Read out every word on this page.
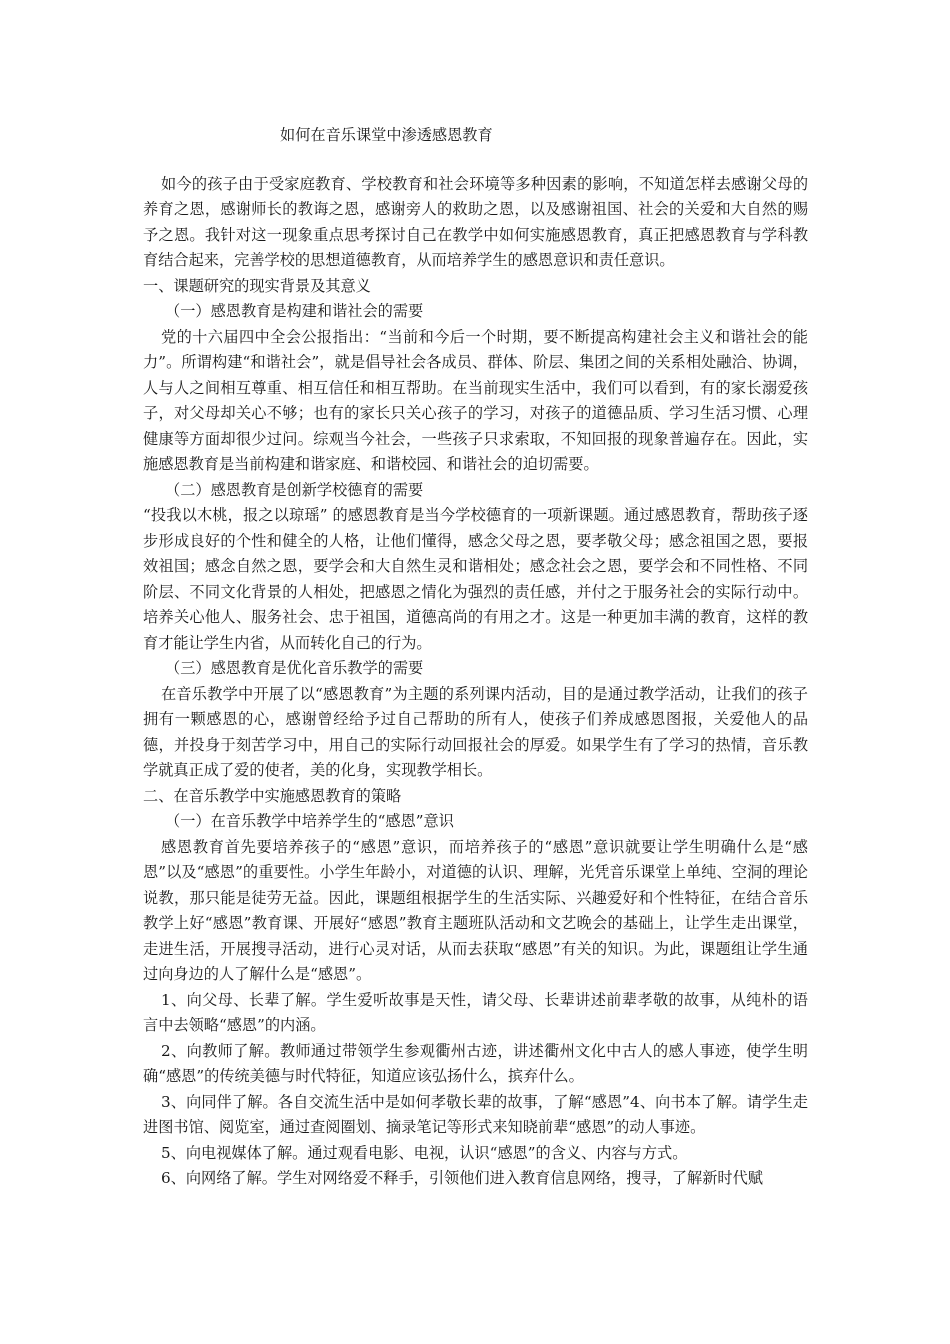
如何在音乐课堂中渗透感恩教育

如今的孩子由于受家庭教育、学校教育和社会环境等多种因素的影响，不知道怎样去感谢父母的养育之恩，感谢师长的教诲之恩，感谢旁人的救助之恩，以及感谢祖国、社会的关爱和大自然的赐予之恩。我针对这一现象重点思考探讨自己在教学中如何实施感恩教育，真正把感恩教育与学科教育结合起来，完善学校的思想道德教育，从而培养学生的感恩意识和责任意识。

一、课题研究的现实背景及其意义

（一）感恩教育是构建和谐社会的需要

党的十六届四中全会公报指出：“当前和今后一个时期，要不断提高构建社会主义和谐社会的能力”。所谓构建“和谐社会”，就是倡导社会各成员、群体、阶层、集团之间的关系相处融洽、协调，人与人之间相互尊重、相互信任和相互帮助。在当前现实生活中，我们可以看到，有的家长溺爱孩子，对父母却关心不够；也有的家长只关心孩子的学习，对孩子的道德品质、学习生活习惯、心理健康等方面却很少过问。综观当今社会，一些孩子只求索取，不知回报的现象普遍存在。因此，实施感恩教育是当前构建和谐家庭、和谐校园、和谐社会的迫切需要。

（二）感恩教育是创新学校德育的需要

“投我以木桃，报之以琼瑶” 的感恩教育是当今学校德育的一项新课题。通过感恩教育，帮助孩子逐步形成良好的个性和健全的人格，让他们懂得，感念父母之恩，要孝敬父母；感念祖国之恩，要报效祖国；感念自然之恩，要学会和大自然生灵和谐相处；感念社会之恩，要学会和不同性格、不同阶层、不同文化背景的人相处，把感恩之情化为强烈的责任感，并付之于服务社会的实际行动中。培养关心他人、服务社会、忠于祖国，道德高尚的有用之才。这是一种更加丰满的教育，这样的教育才能让学生内省，从而转化自己的行为。

（三）感恩教育是优化音乐教学的需要

在音乐教学中开展了以“感恩教育”为主题的系列课内活动，目的是通过教学活动，让我们的孩子拥有一颗感恩的心，感谢曾经给予过自己帮助的所有人，使孩子们养成感恩图报，关爱他人的品德，并投身于刻苦学习中，用自己的实际行动回报社会的厚爱。如果学生有了学习的热情，音乐教学就真正成了爱的使者，美的化身，实现教学相长。

二、在音乐教学中实施感恩教育的策略

（一）在音乐教学中培养学生的“感恩”意识

感恩教育首先要培养孩子的“感恩”意识，而培养孩子的“感恩”意识就要让学生明确什么是“感恩”以及“感恩”的重要性。小学生年龄小，对道德的认识、理解，光凭音乐课堂上单纯、空洞的理论说教，那只能是徒劳无益。因此，课题组根据学生的生活实际、兴趣爱好和个性特征，在结合音乐教学上好“感恩”教育课、开展好“感恩”教育主题班队活动和文艺晚会的基础上，让学生走出课堂，走进生活，开展搜寻活动，进行心灵对话，从而去获取“感恩”有关的知识。为此，课题组让学生通过向身边的人了解什么是“感恩”。

1、向父母、长辈了解。学生爱听故事是天性，请父母、长辈讲述前辈孝敬的故事，从纯朴的语言中去领略“感恩”的内涵。

2、向教师了解。教师通过带领学生参观衢州古迹，讲述衢州文化中古人的感人事迹，使学生明确“感恩”的传统美德与时代特征，知道应该弘扬什么，摈弃什么。

3、向同伴了解。各自交流生活中是如何孝敬长辈的故事，了解“感恩”4、向书本了解。请学生走进图书馆、阅览室，通过查阅圈划、摘录笔记等形式来知晓前辈“感恩”的动人事迹。

5、向电视媒体了解。通过观看电影、电视，认识“感恩”的含义、内容与方式。

6、向网络了解。学生对网络爱不释手，引领他们进入教育信息网络，搜寻，了解新时代赋
